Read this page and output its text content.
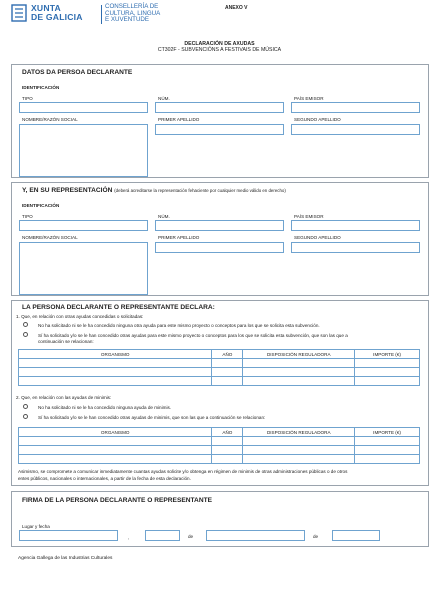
XUNTA
DE GALICIA
CONSELLERÍA DE
CULTURA, LINGUA
E XUVENTUDE
ANEXO V
DECLARACIÓN DE AXUDAS
CT302F - SUBVENCIÓNS A FESTIVAIS DE MÚSICA
DATOS DA PERSOA DECLARANTE
IDENTIFICACIÓN
TIPO	NÚM.	PAÍS EMISOR
NOMBRE/RAZÓN SOCIAL	PRIMER APELLIDO	SEGUNDO APELLIDO
Y, EN SU REPRESENTACIÓN (deberá acreditarse la representación fehaciente por cualquier medio válido en derecho)
IDENTIFICACIÓN
TIPO	NÚM.	PAÍS EMISOR
NOMBRE/RAZÓN SOCIAL	PRIMER APELLIDO	SEGUNDO APELLIDO
LA PERSONA DECLARANTE O REPRESENTANTE DECLARA:
1. Que, en relación con otras ayudas concedidas o solicitadas:
No ha solicitado ni se le ha concedido ninguna otra ayuda para este mismo proyecto o conceptos para los que se solicita esta subvención.
Sí ha solicitado y/o se le han concedido otras ayudas para este mismo proyecto o conceptos para los que se solicita esta subvención, que son las que a
continuación se relacionan:
ORGANISMO	AÑO	DISPOSICIÓN REGULADORA	IMPORTE (€)

2. Que, en relación con las ayudas de minimis:
No ha solicitado ni se le ha concedido ninguna ayuda de minimis.
Sí ha solicitado y/o se le han concedido otras ayudas de minimis, que son las que a continuación se relacionan:
ORGANISMO	AÑO	DISPOSICIÓN REGULADORA	IMPORTE (€)

Asimismo, se compromete a comunicar inmediatamente cuantas ayudas solicite y/o obtenga en régimen de minimis de otras administraciones públicas o de otros
entes públicos, nacionales o internacionales, a partir de la fecha de esta declaración.
FIRMA DE LA PERSONA DECLARANTE O REPRESENTANTE
Lugar y fecha
,	de	de
Agencia Gallega de las Industrias Culturales
